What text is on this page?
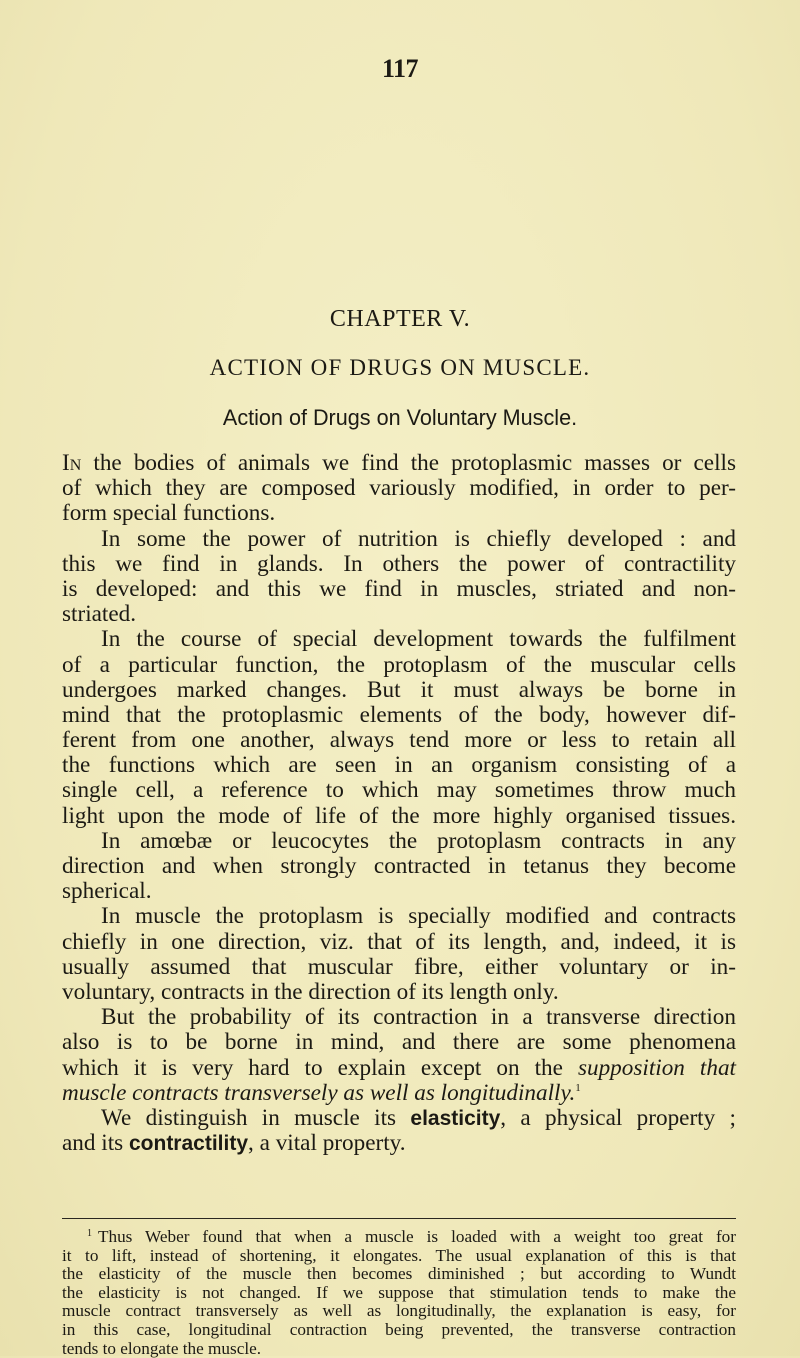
117
CHAPTER V.
ACTION OF DRUGS ON MUSCLE.
Action of Drugs on Voluntary Muscle.
In the bodies of animals we find the protoplasmic masses or cells
of which they are composed variously modified, in order to per-
form special functions.
In some the power of nutrition is chiefly developed : and
this we find in glands. In others the power of contractility
is developed: and this we find in muscles, striated and non-
striated.
In the course of special development towards the fulfilment
of a particular function, the protoplasm of the muscular cells
undergoes marked changes. But it must always be borne in
mind that the protoplasmic elements of the body, however dif-
ferent from one another, always tend more or less to retain all
the functions which are seen in an organism consisting of a
single cell, a reference to which may sometimes throw much
light upon the mode of life of the more highly organised tissues.
In amœbæ or leucocytes the protoplasm contracts in any
direction and when strongly contracted in tetanus they become
spherical.
In muscle the protoplasm is specially modified and contracts
chiefly in one direction, viz. that of its length, and, indeed, it is
usually assumed that muscular fibre, either voluntary or in-
voluntary, contracts in the direction of its length only.
But the probability of its contraction in a transverse direction
also is to be borne in mind, and there are some phenomena
which it is very hard to explain except on the supposition that
muscle contracts transversely as well as longitudinally.$^1$
We distinguish in muscle its elasticity, a physical property ;
and its contractility, a vital property.
$^1$ Thus Weber found that when a muscle is loaded with a weight too great for
it to lift, instead of shortening, it elongates. The usual explanation of this is that
the elasticity of the muscle then becomes diminished ; but according to Wundt
the elasticity is not changed. If we suppose that stimulation tends to make the
muscle contract transversely as well as longitudinally, the explanation is easy, for
in this case, longitudinal contraction being prevented, the transverse contraction
tends to elongate the muscle.
